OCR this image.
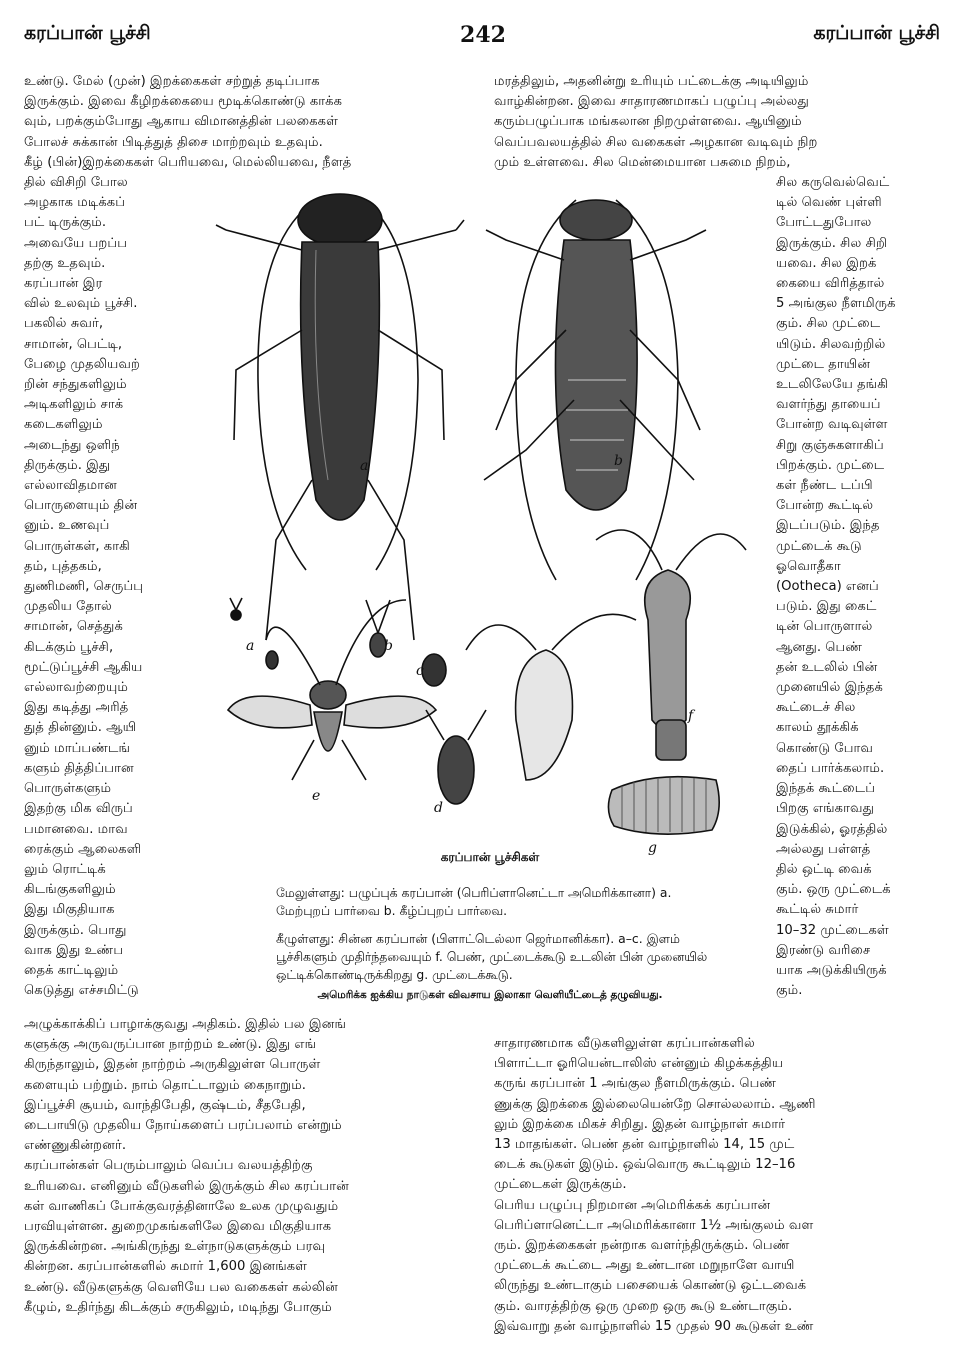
கரப்பான் பூச்சி	242	கரப்பான் பூச்சி
உண்டு. மேல் (முன்) இறக்கைகள் சற்றுத் தடிப்பாக
இருக்கும். இவை கீழிறக்கையை மூடிக்கொண்டு காக்க
வும், பறக்கும்போது ஆகாய விமானத்தின் பலகைகள்
போலச் சுக்கான் பிடித்துத் திசை மாற்றவும் உதவும்.
கீழ் (பின்)இறக்கைகள் பெரியவை, மெல்லியவை, நீளத்
மரத்திலும், அதனின்று உரியும் பட்டைக்கு அடியிலும்
வாழ்கின்றன. இவை சாதாரணமாகப் பழுப்பு அல்லது
கரும்பழுப்பாக மங்கலான நிறமுள்ளவை. ஆயினும்
வெப்பவலயத்தில் சில வகைகள் அழகான வடிவும் நிற
மும் உள்ளவை. சில மென்மையான பசுமை நிறம்,
தில் விசிறி போல
அழகாக மடிக்கப்
பட் டிருக்கும்.
அவையே பறப்ப
தற்கு உதவும்.
கரப்பான் இர
வில் உலவும் பூச்சி.
பகலில் சுவர்,
சாமான், பெட்டி,
பேழை முதலியவற்
றின் சந்துகளிலும்
அடிகளிலும் சாக்
கடைகளிலும்
அடைந்து ஒளிந்
திருக்கும். இது
எல்லாவிதமான
பொருளையும் தின்
னும். உணவுப்
பொருள்கள், காகி
தம், புத்தகம்,
துணிமணி, செருப்பு
முதலிய தோல்
சாமான், செத்துக்
கிடக்கும் பூச்சி,
மூட்டுப்பூச்சி ஆகிய
எல்லாவற்றையும்
இது கடித்து அரித்
துத் தின்னும். ஆயி
னும் மாப்பண்டங்
களும் தித்திப்பான
பொருள்களும்
இதற்கு மிக விருப்
பமானவை. மாவ
ரைக்கும் ஆலைகளி
லும் ரொட்டிக்
கிடங்குகளிலும்
இது மிகுதியாக
இருக்கும். பொது
வாக இது உண்ப
தைக் காட்டிலும்
கெடுத்து எச்சமிட்டு
சில கருவெல்வெட்
டில் வெண் புள்ளி
போட்டதுபோல
இருக்கும். சில சிறி
யவை. சில இறக்
கையை விரித்தால்
5 அங்குல நீளமிருக்
கும். சில முட்டை
யிடும். சிலவற்றில்
முட்டை தாயின்
உடலிலேயே தங்கி
வளர்ந்து தாயைப்
போன்ற வடிவுள்ள
சிறு குஞ்சுகளாகிப்
பிறக்கும். முட்டை
கள் நீண்ட டப்பி
போன்ற கூட்டில்
இடப்படும். இந்த
முட்டைக் கூடு
ஓவொதீகா
(Ootheca) எனப்
படும். இது கைட்
டின் பொருளால்
ஆனது. பெண்
தன் உடலில் பின்
முனையில் இந்தக்
கூட்டைச் சில
காலம் தூக்கிக்
கொண்டு போவ
தைப் பார்க்கலாம்.
இந்தக் கூட்டைப்
பிறகு எங்காவது
இடுக்கில், ஓரத்தில்
அல்லது பள்ளத்
தில் ஒட்டி வைக்
கும். ஒரு முட்டைக்
கூட்டில் சுமார்
10–32 முட்டைகள்
இரண்டு வரிசை
யாக அடுக்கியிருக்
கும்.
a	b
a	b
c
d
e
f
g
கரப்பான் பூச்சிகள்
மேலுள்ளது: பழுப்புக் கரப்பான் (பெரிப்ளானெட்டா அமெரிக்கானா) a.
மேற்புறப் பார்வை b. கீழ்ப்புறப் பார்வை.
கீழுள்ளது: சின்ன கரப்பான் (பிளாட்டெல்லா ஜெர்மானிக்கா). a–c. இளம்
பூச்சிகளும் முதிர்ந்தவையும் f. பெண், முட்டைக்கூடு உடலின் பின் முனையில்
ஒட்டிக்கொண்டிருக்கிறது g. முட்டைக்கூடு.
அமெரிக்க ஐக்கிய நாடுகள் விவசாய இலாகா வெளியீட்டைத் தழுவியது.
அழுக்காக்கிப் பாழாக்குவது அதிகம். இதில் பல இனங்
களுக்கு அருவருப்பான நாற்றம் உண்டு. இது எங்
கிருந்தாலும், இதன் நாற்றம் அருகிலுள்ள பொருள்
களையும் பற்றும். நாம் தொட்டாலும் கைநாறும்.
இப்பூச்சி சூயம், வாந்திபேதி, குஷ்டம், சீதபேதி,
டைபாயிடு முதலிய நோய்களைப் பரப்பலாம் என்றும்
எண்ணுகின்றனர்.
கரப்பான்கள் பெரும்பாலும் வெப்ப வலயத்திற்கு
உரியவை. எனினும் வீடுகளில் இருக்கும் சில கரப்பான்
கள் வாணிகப் போக்குவரத்தினாலே உலக முழுவதும்
பரவியுள்ளன. துறைமுகங்களிலே இவை மிகுதியாக
இருக்கின்றன. அங்கிருந்து உள்நாடுகளுக்கும் பரவு
கின்றன. கரப்பான்களில் சுமார் 1,600 இனங்கள்
உண்டு. வீடுகளுக்கு வெளியே பல வகைகள் கல்லின்
கீழும், உதிர்ந்து கிடக்கும் சருகிலும், மடிந்து போகும்
சாதாரணமாக வீடுகளிலுள்ள கரப்பான்களில்
பிளாட்டா ஓரியென்டாலிஸ் என்னும் கிழக்கத்திய
கருங் கரப்பான் 1 அங்குல நீளமிருக்கும். பெண்
ணுக்கு இறக்கை இல்லையென்றே சொல்லலாம். ஆணி
லும் இறக்கை மிகச் சிறிது. இதன் வாழ்நாள் சுமார்
13 மாதங்கள். பெண் தன் வாழ்நாளில் 14, 15 முட்
டைக் கூடுகள் இடும். ஒவ்வொரு கூட்டிலும் 12–16
முட்டைகள் இருக்கும்.
பெரிய பழுப்பு நிறமான அமெரிக்கக் கரப்பான்
பெரிப்ளானெட்டா அமெரிக்கானா 1½ அங்குலம் வள
ரும். இறக்கைகள் நன்றாக வளர்ந்திருக்கும். பெண்
முட்டைக் கூட்டை அது உண்டான மறுநாளே வாயி
லிருந்து உண்டாகும் பசையைக் கொண்டு ஒட்டவைக்
கும். வாரத்திற்கு ஒரு முறை ஒரு கூடு உண்டாகும்.
இவ்வாறு தன் வாழ்நாளில் 15 முதல் 90 கூடுகள் உண்
